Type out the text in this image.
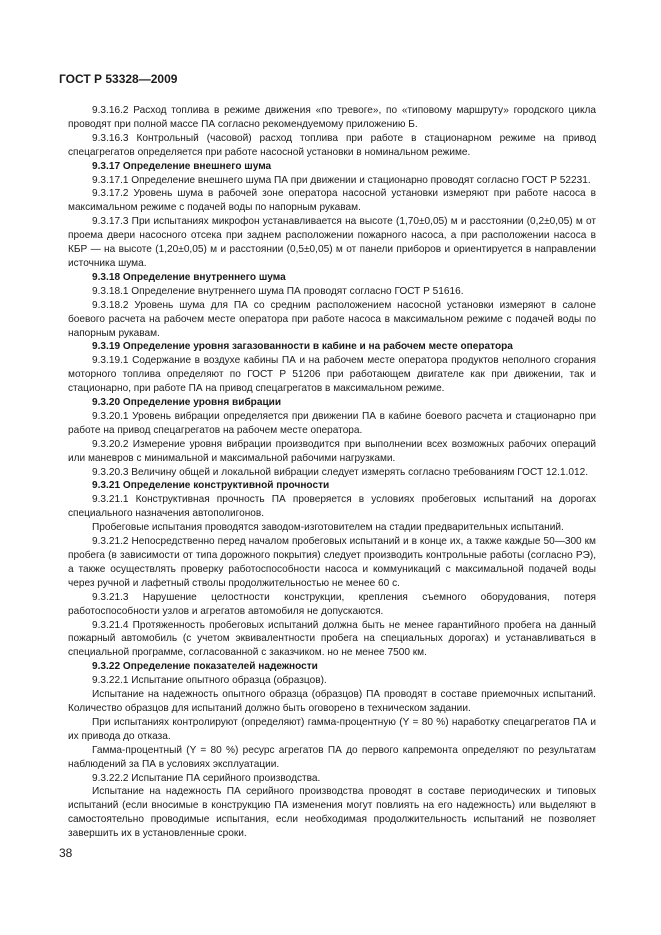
ГОСТ Р 53328—2009

9.3.16.2 Расход топлива в режиме движения «по тревоге», по «типовому маршруту» городского цикла проводят при полной массе ПА согласно рекомендуемому приложению Б.

9.3.16.3 Контрольный (часовой) расход топлива при работе в стационарном режиме на привод спецагрегатов определяется при работе насосной установки в номинальном режиме.

9.3.17 Определение внешнего шума

9.3.17.1 Определение внешнего шума ПА при движении и стационарно проводят согласно ГОСТ Р 52231.

9.3.17.2 Уровень шума в рабочей зоне оператора насосной установки измеряют при работе насоса в максимальном режиме с подачей воды по напорным рукавам.

9.3.17.3 При испытаниях микрофон устанавливается на высоте (1,70±0,05) м и расстоянии (0,2±0,05) м от проема двери насосного отсека при заднем расположении пожарного насоса, а при расположении насоса в КБР — на высоте (1,20±0,05) м и расстоянии (0,5±0,05) м от панели приборов и ориентируется в направлении источника шума.

9.3.18 Определение внутреннего шума

9.3.18.1 Определение внутреннего шума ПА проводят согласно ГОСТ Р 51616.

9.3.18.2 Уровень шума для ПА со средним расположением насосной установки измеряют в салоне боевого расчета на рабочем месте оператора при работе насоса в максимальном режиме с подачей воды по напорным рукавам.

9.3.19 Определение уровня загазованности в кабине и на рабочем месте оператора

9.3.19.1 Содержание в воздухе кабины ПА и на рабочем месте оператора продуктов неполного сгорания моторного топлива определяют по ГОСТ Р 51206 при работающем двигателе как при движении, так и стационарно, при работе ПА на привод спецагрегатов в максимальном режиме.

9.3.20 Определение уровня вибрации

9.3.20.1 Уровень вибрации определяется при движении ПА в кабине боевого расчета и стационарно при работе на привод спецагрегатов на рабочем месте оператора.

9.3.20.2 Измерение уровня вибрации производится при выполнении всех возможных рабочих операций или маневров с минимальной и максимальной рабочими нагрузками.

9.3.20.3 Величину общей и локальной вибрации следует измерять согласно требованиям ГОСТ 12.1.012.

9.3.21 Определение конструктивной прочности

9.3.21.1 Конструктивная прочность ПА проверяется в условиях пробеговых испытаний на дорогах специального назначения автополигонов.

Пробеговые испытания проводятся заводом-изготовителем на стадии предварительных испытаний.

9.3.21.2 Непосредственно перед началом пробеговых испытаний и в конце их, а также каждые 50—300 км пробега (в зависимости от типа дорожного покрытия) следует производить контрольные работы (согласно РЭ), а также осуществлять проверку работоспособности насоса и коммуникаций с максимальной подачей воды через ручной и лафетный стволы продолжительностью не менее 60 с.

9.3.21.3 Нарушение целостности конструкции, крепления съемного оборудования, потеря работоспособности узлов и агрегатов автомобиля не допускаются.

9.3.21.4 Протяженность пробеговых испытаний должна быть не менее гарантийного пробега на данный пожарный автомобиль (с учетом эквивалентности пробега на специальных дорогах) и устанавливаться в специальной программе, согласованной с заказчиком. но не менее 7500 км.

9.3.22 Определение показателей надежности

9.3.22.1 Испытание опытного образца (образцов).

Испытание на надежность опытного образца (образцов) ПА проводят в составе приемочных испытаний. Количество образцов для испытаний должно быть оговорено в техническом задании.

При испытаниях контролируют (определяют) гамма-процентную (Y = 80 %) наработку спецагрегатов ПА и их привода до отказа.

Гамма-процентный (Y = 80 %) ресурс агрегатов ПА до первого капремонта определяют по результатам наблюдений за ПА в условиях эксплуатации.

9.3.22.2 Испытание ПА серийного производства.

Испытание на надежность ПА серийного производства проводят в составе периодических и типовых испытаний (если вносимые в конструкцию ПА изменения могут повлиять на его надежность) или выделяют в самостоятельно проводимые испытания, если необходимая продолжительность испытаний не позволяет завершить их в установленные сроки.

38
